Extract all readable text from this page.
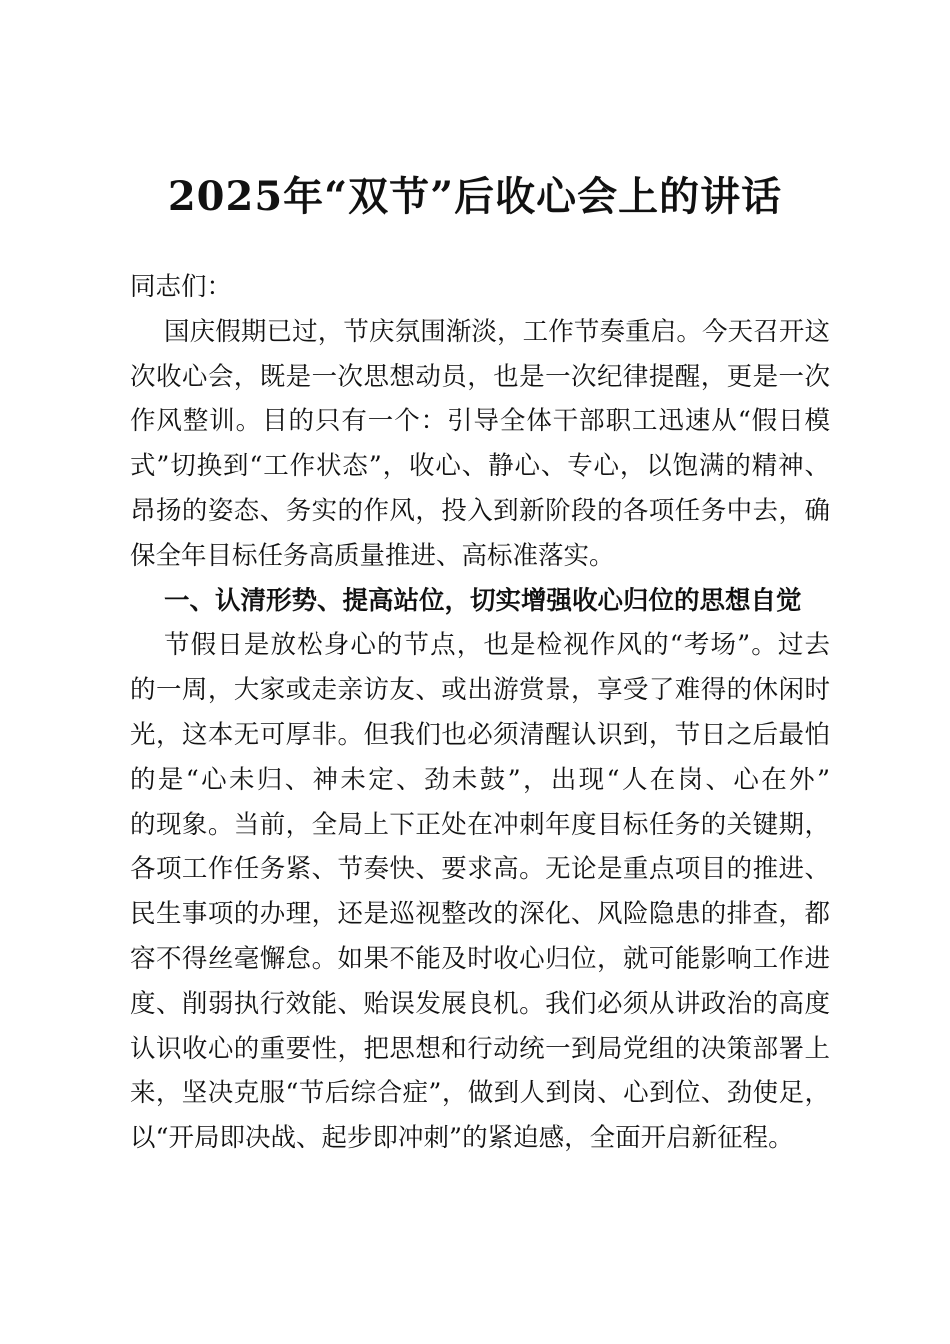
2025年“双节”后收心会上的讲话
同志们：
国庆假期已过，节庆氛围渐淡，工作节奏重启。今天召开这
次收心会，既是一次思想动员，也是一次纪律提醒，更是一次
作风整训。目的只有一个：引导全体干部职工迅速从“假日模
式”切换到“工作状态”，收心、静心、专心，以饱满的精神、
昂扬的姿态、务实的作风，投入到新阶段的各项任务中去，确
保全年目标任务高质量推进、高标准落实。
一、认清形势、提高站位，切实增强收心归位的思想自觉
节假日是放松身心的节点，也是检视作风的“考场”。过去
的一周，大家或走亲访友、或出游赏景，享受了难得的休闲时
光，这本无可厚非。但我们也必须清醒认识到，节日之后最怕
的是“心未归、神未定、劲未鼓”，出现“人在岗、心在外”
的现象。当前，全局上下正处在冲刺年度目标任务的关键期，
各项工作任务紧、节奏快、要求高。无论是重点项目的推进、
民生事项的办理，还是巡视整改的深化、风险隐患的排查，都
容不得丝毫懈怠。如果不能及时收心归位，就可能影响工作进
度、削弱执行效能、贻误发展良机。我们必须从讲政治的高度
认识收心的重要性，把思想和行动统一到局党组的决策部署上
来，坚决克服“节后综合症”，做到人到岗、心到位、劲使足，
以“开局即决战、起步即冲刺”的紧迫感，全面开启新征程。
